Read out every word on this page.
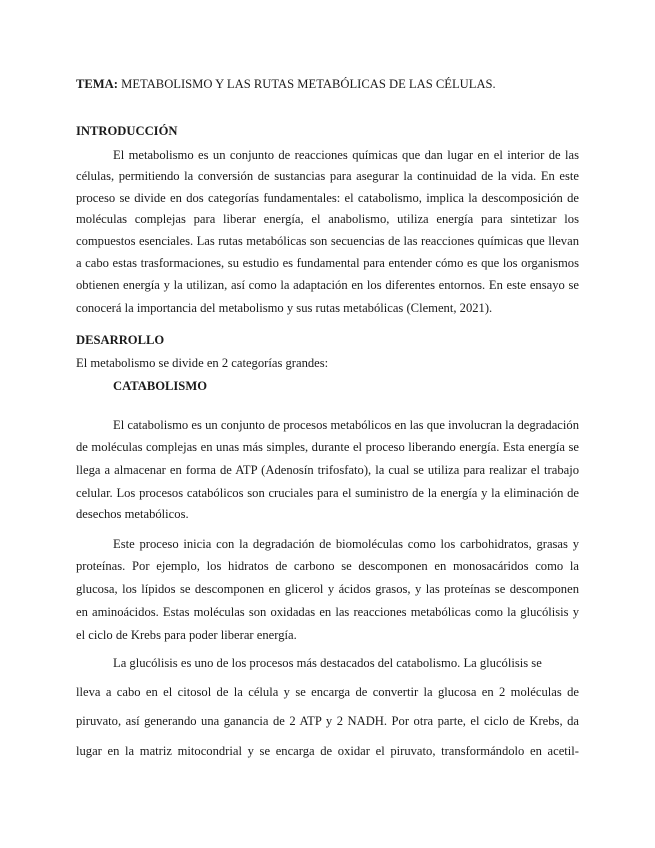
TEMA: METABOLISMO Y LAS RUTAS METABÓLICAS DE LAS CÉLULAS.
INTRODUCCIÓN
El metabolismo es un conjunto de reacciones químicas que dan lugar en el interior de las
células, permitiendo la conversión de sustancias para asegurar la continuidad de la vida. En este
proceso se divide en dos categorías fundamentales: el catabolismo, implica la descomposición de
moléculas complejas para liberar energía, el anabolismo, utiliza energía para sintetizar los
compuestos esenciales. Las rutas metabólicas son secuencias de las reacciones químicas que llevan
a cabo estas trasformaciones, su estudio es fundamental para entender cómo es que los organismos
obtienen energía y la utilizan, así como la adaptación en los diferentes entornos. En este ensayo se
conocerá la importancia del metabolismo y sus rutas metabólicas (Clement, 2021).
DESARROLLO
El metabolismo se divide en 2 categorías grandes:
CATABOLISMO
El catabolismo es un conjunto de procesos metabólicos en las que involucran la degradación
de moléculas complejas en unas más simples, durante el proceso liberando energía. Esta energía se
llega a almacenar en forma de ATP (Adenosín trifosfato), la cual se utiliza para realizar el trabajo
celular. Los procesos catabólicos son cruciales para el suministro de la energía y la eliminación de
desechos metabólicos.
Este proceso inicia con la degradación de biomoléculas como los carbohidratos, grasas y
proteínas. Por ejemplo, los hidratos de carbono se descomponen en monosacáridos como la
glucosa, los lípidos se descomponen en glicerol y ácidos grasos, y las proteínas se descomponen
en aminoácidos. Estas moléculas son oxidadas en las reacciones metabólicas como la glucólisis y
el ciclo de Krebs para poder liberar energía.
La glucólisis es uno de los procesos más destacados del catabolismo. La glucólisis se
lleva a cabo en el citosol de la célula y se encarga de convertir la glucosa en 2 moléculas de
piruvato, así generando una ganancia de 2 ATP y 2 NADH. Por otra parte, el ciclo de Krebs, da
lugar en la matriz mitocondrial y se encarga de oxidar el piruvato, transformándolo en acetil-
